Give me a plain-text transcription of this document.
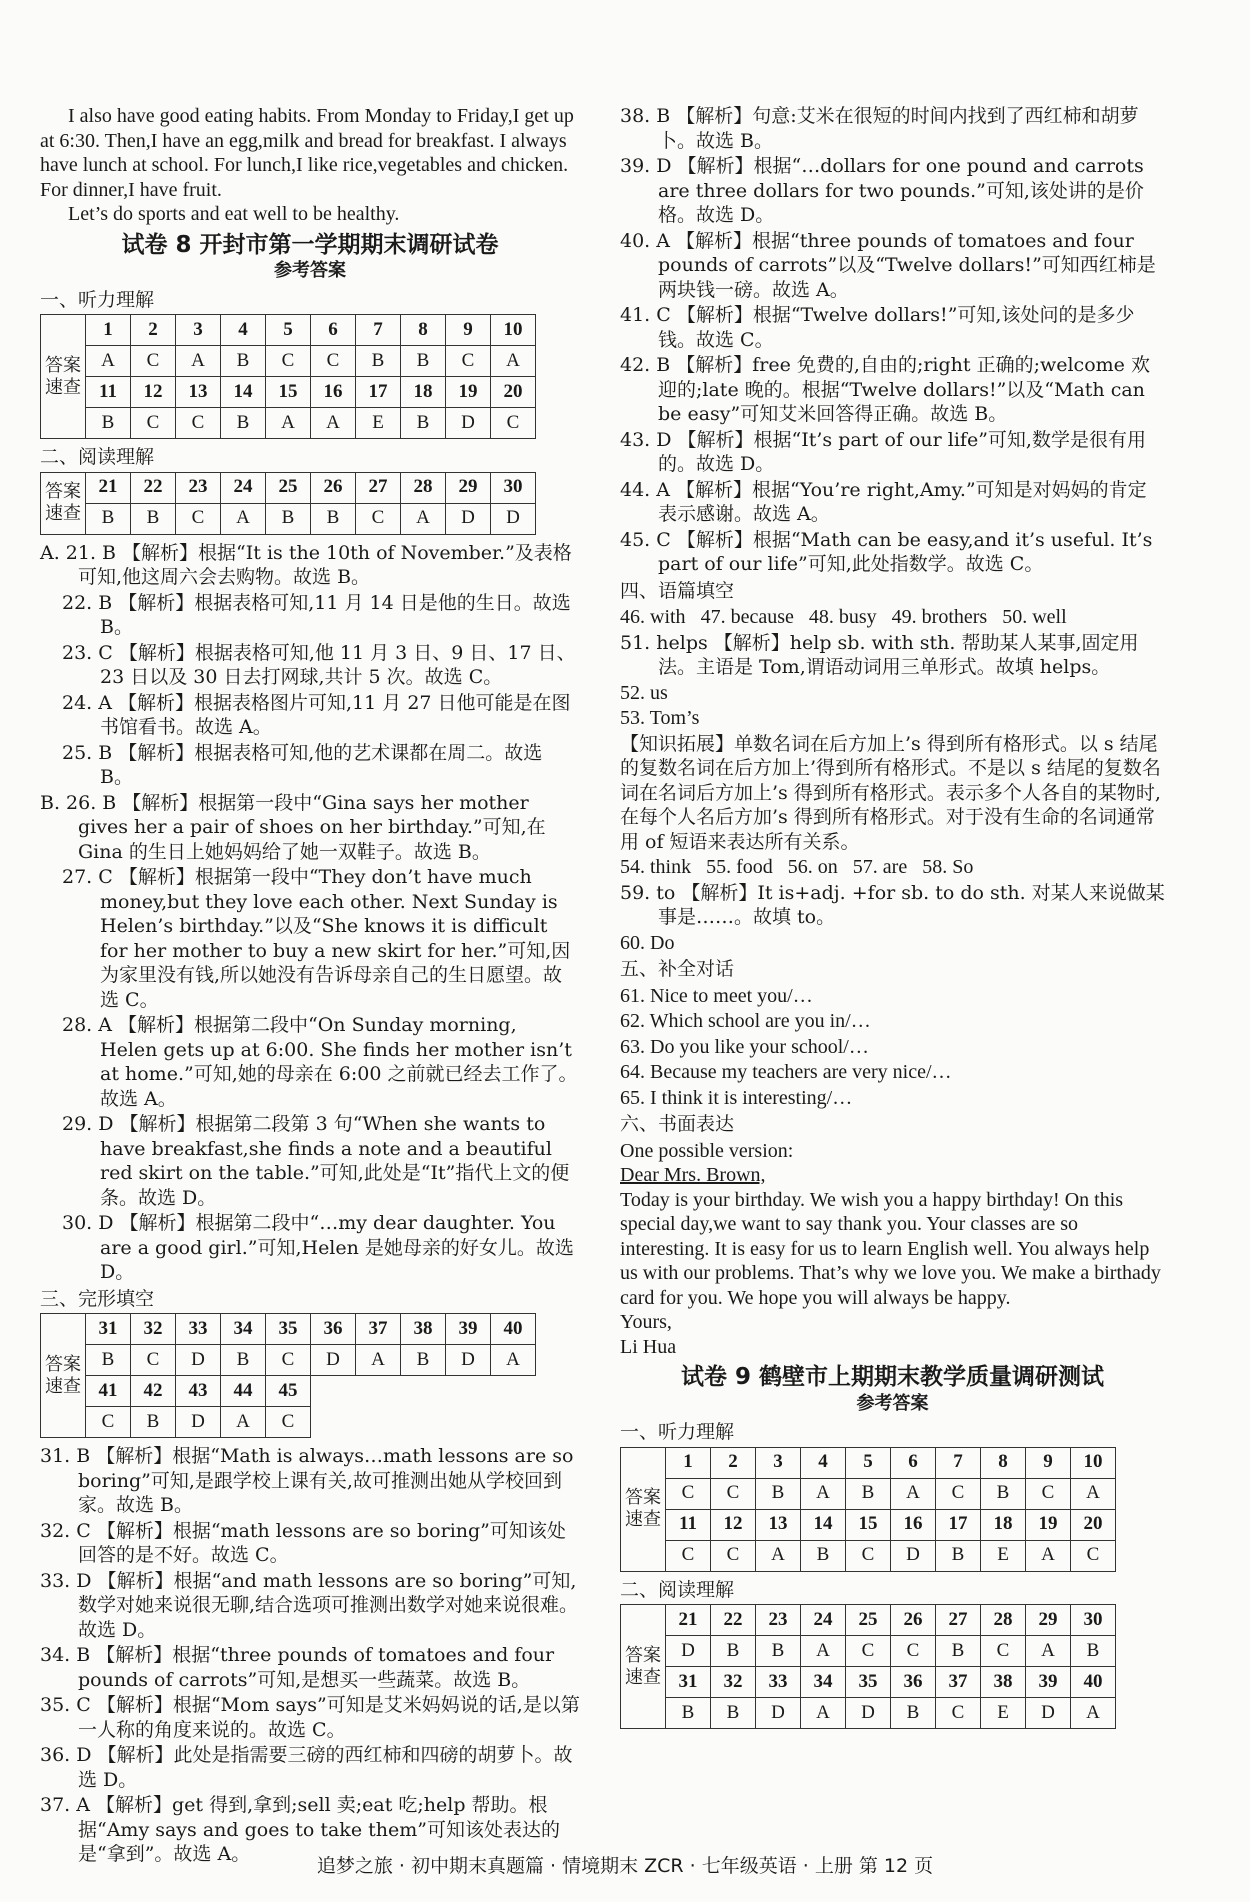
I also have good eating habits. From Monday to Friday,I get up at 6:30. Then,I have an egg,milk and bread for breakfast. I always have lunch at school. For lunch,I like rice,vegetables and chicken. For dinner,I have fruit.

Let’s do sports and eat well to be healthy.

试卷 8 开封市第一学期期末调研试卷
参考答案
一、听力理解
答案速查	1	2	3	4	5	6	7	8	9	10
	A	C	A	B	C	C	B	B	C	A
	11	12	13	14	15	16	17	18	19	20
	B	C	C	B	A	A	E	B	D	C
二、阅读理解
答案速查	21	22	23	24	25	26	27	28	29	30
	B	B	C	A	B	B	C	A	D	D

A. 21. B 【解析】根据“It is the 10th of November.”及表格可知,他这周六会去购物。故选 B。

22. B 【解析】根据表格可知,11 月 14 日是他的生日。故选 B。

23. C 【解析】根据表格可知,他 11 月 3 日、9 日、17 日、23 日以及 30 日去打网球,共计 5 次。故选 C。

24. A 【解析】根据表格图片可知,11 月 27 日他可能是在图书馆看书。故选 A。

25. B 【解析】根据表格可知,他的艺术课都在周二。故选 B。

B. 26. B 【解析】根据第一段中“Gina says her mother gives her a pair of shoes on her birthday.”可知,在 Gina 的生日上她妈妈给了她一双鞋子。故选 B。

27. C 【解析】根据第一段中“They don’t have much money,but they love each other. Next Sunday is Helen’s birthday.”以及“She knows it is difficult for her mother to buy a new skirt for her.”可知,因为家里没有钱,所以她没有告诉母亲自己的生日愿望。故选 C。

28. A 【解析】根据第二段中“On Sunday morning, Helen gets up at 6:00. She finds her mother isn’t at home.”可知,她的母亲在 6:00 之前就已经去工作了。故选 A。

29. D 【解析】根据第二段第 3 句“When she wants to have breakfast,she finds a note and a beautiful red skirt on the table.”可知,此处是“It”指代上文的便条。故选 D。

30. D 【解析】根据第二段中“…my dear daughter. You are a good girl.”可知,Helen 是她母亲的好女儿。故选 D。

三、完形填空
答案速查	31	32	33	34	35	36	37	38	39	40
	B	C	D	B	C	D	A	B	D	A
	41	42	43	44	45					
	C	B	D	A	C					

31. B 【解析】根据“Math is always…math lessons are so boring”可知,是跟学校上课有关,故可推测出她从学校回到家。故选 B。

32. C 【解析】根据“math lessons are so boring”可知该处回答的是不好。故选 C。

33. D 【解析】根据“and math lessons are so boring”可知,数学对她来说很无聊,结合选项可推测出数学对她来说很难。故选 D。

34. B 【解析】根据“three pounds of tomatoes and four pounds of carrots”可知,是想买一些蔬菜。故选 B。

35. C 【解析】根据“Mom says”可知是艾米妈妈说的话,是以第一人称的角度来说的。故选 C。

36. D 【解析】此处是指需要三磅的西红柿和四磅的胡萝卜。故选 D。

37. A 【解析】get 得到,拿到;sell 卖;eat 吃;help 帮助。根据“Amy says and goes to take them”可知该处表达的是“拿到”。故选 A。

38. B 【解析】句意:艾米在很短的时间内找到了西红柿和胡萝卜。故选 B。

39. D 【解析】根据“…dollars for one pound and carrots are three dollars for two pounds.”可知,该处讲的是价格。故选 D。

40. A 【解析】根据“three pounds of tomatoes and four pounds of carrots”以及“Twelve dollars!”可知西红柿是两块钱一磅。故选 A。

41. C 【解析】根据“Twelve dollars!”可知,该处问的是多少钱。故选 C。

42. B 【解析】free 免费的,自由的;right 正确的;welcome 欢迎的;late 晚的。根据“Twelve dollars!”以及“Math can be easy”可知艾米回答得正确。故选 B。

43. D 【解析】根据“It’s part of our life”可知,数学是很有用的。故选 D。

44. A 【解析】根据“You’re right,Amy.”可知是对妈妈的肯定表示感谢。故选 A。

45. C 【解析】根据“Math can be easy,and it’s useful. It’s part of our life”可知,此处指数学。故选 C。

四、语篇填空

46. with 47. because 48. busy 49. brothers 50. well

51. helps 【解析】help sb. with sth. 帮助某人某事,固定用法。主语是 Tom,谓语动词用三单形式。故填 helps。

52. us

53. Tom’s

【知识拓展】单数名词在后方加上’s 得到所有格形式。以 s 结尾的复数名词在后方加上’得到所有格形式。不是以 s 结尾的复数名词在名词后方加上’s 得到所有格形式。表示多个人各自的某物时,在每个人名后方加’s 得到所有格形式。对于没有生命的名词通常用 of 短语来表达所有关系。

54. think 55. food 56. on 57. are 58. So

59. to 【解析】It is+adj. +for sb. to do sth. 对某人来说做某事是……。故填 to。

60. Do

五、补全对话

61. Nice to meet you/…

62. Which school are you in/…

63. Do you like your school/…

64. Because my teachers are very nice/…

65. I think it is interesting/…

六、书面表达

One possible version:

Dear Mrs. Brown,

Today is your birthday. We wish you a happy birthday! On this special day,we want to say thank you. Your classes are so interesting. It is easy for us to learn English well. You always help us with our problems. That’s why we love you. We make a birthady card for you. We hope you will always be happy.

Yours,

Li Hua

试卷 9 鹤壁市上期期末教学质量调研测试
参考答案
一、听力理解
答案速查	1	2	3	4	5	6	7	8	9	10
	C	C	B	A	B	A	C	B	C	A
	11	12	13	14	15	16	17	18	19	20
	C	C	A	B	C	D	B	E	A	C
二、阅读理解
答案速查	21	22	23	24	25	26	27	28	29	30
	D	B	B	A	C	C	B	C	A	B
	31	32	33	34	35	36	37	38	39	40
	B	B	D	A	D	B	C	E	D	A
追梦之旅 · 初中期末真题篇 · 情境期末 ZCR · 七年级英语 · 上册 第 12 页
